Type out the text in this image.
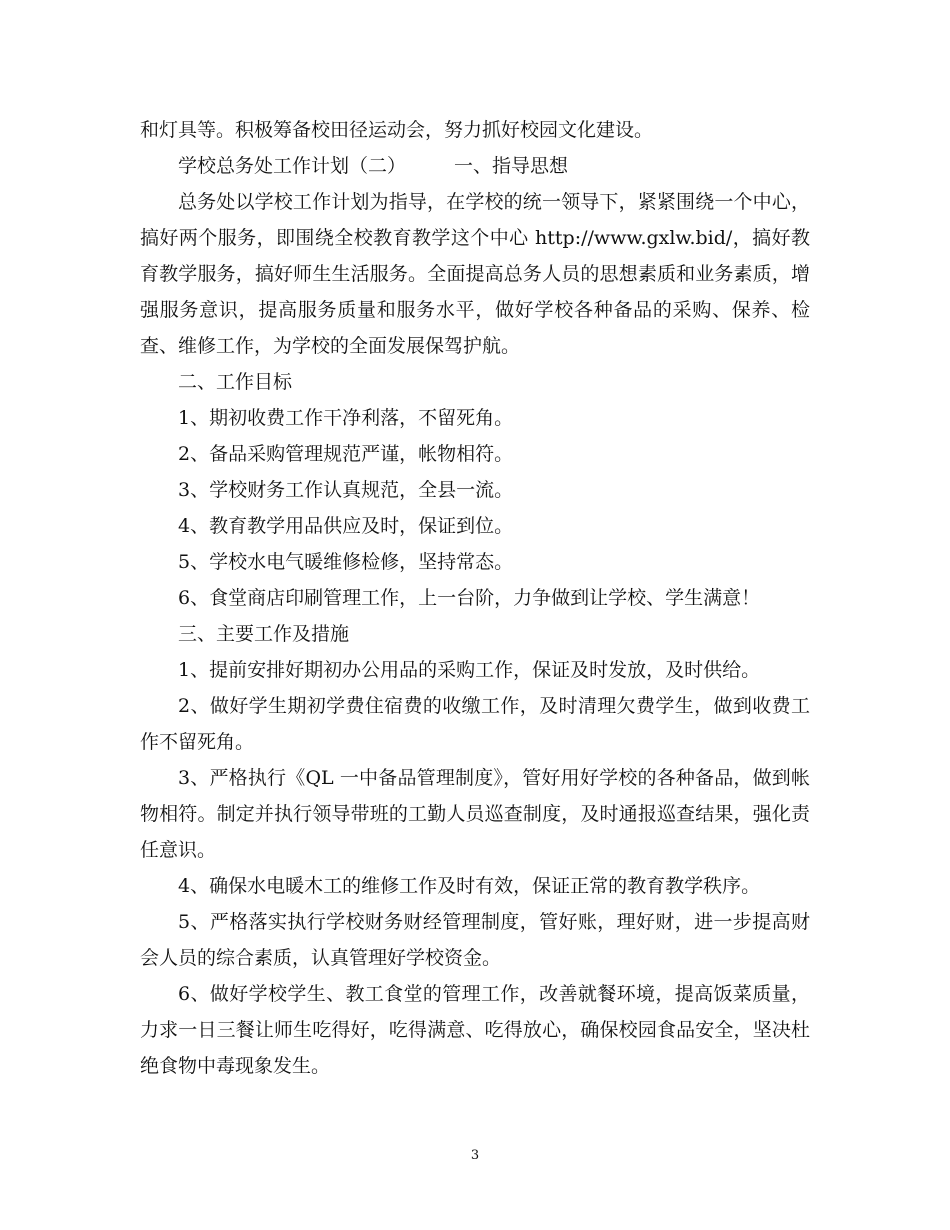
和灯具等。积极筹备校田径运动会，努力抓好校园文化建设。

学校总务处工作计划（二）	一、指导思想

总务处以学校工作计划为指导，在学校的统一领导下，紧紧围绕一个中心，搞好两个服务，即围绕全校教育教学这个中心 http://www.gxlw.bid/，搞好教育教学服务，搞好师生生活服务。全面提高总务人员的思想素质和业务素质，增强服务意识，提高服务质量和服务水平，做好学校各种备品的采购、保养、检查、维修工作，为学校的全面发展保驾护航。

二、工作目标

1、期初收费工作干净利落，不留死角。

2、备品采购管理规范严谨，帐物相符。

3、学校财务工作认真规范，全县一流。

4、教育教学用品供应及时，保证到位。

5、学校水电气暖维修检修，坚持常态。

6、食堂商店印刷管理工作，上一台阶，力争做到让学校、学生满意！

三、主要工作及措施

1、提前安排好期初办公用品的采购工作，保证及时发放，及时供给。

2、做好学生期初学费住宿费的收缴工作，及时清理欠费学生，做到收费工作不留死角。

3、严格执行《QL 一中备品管理制度》，管好用好学校的各种备品，做到帐物相符。制定并执行领导带班的工勤人员巡查制度，及时通报巡查结果，强化责任意识。

4、确保水电暖木工的维修工作及时有效，保证正常的教育教学秩序。

5、严格落实执行学校财务财经管理制度，管好账，理好财，进一步提高财会人员的综合素质，认真管理好学校资金。

6、做好学校学生、教工食堂的管理工作，改善就餐环境，提高饭菜质量，力求一日三餐让师生吃得好，吃得满意、吃得放心，确保校园食品安全，坚决杜绝食物中毒现象发生。

3
